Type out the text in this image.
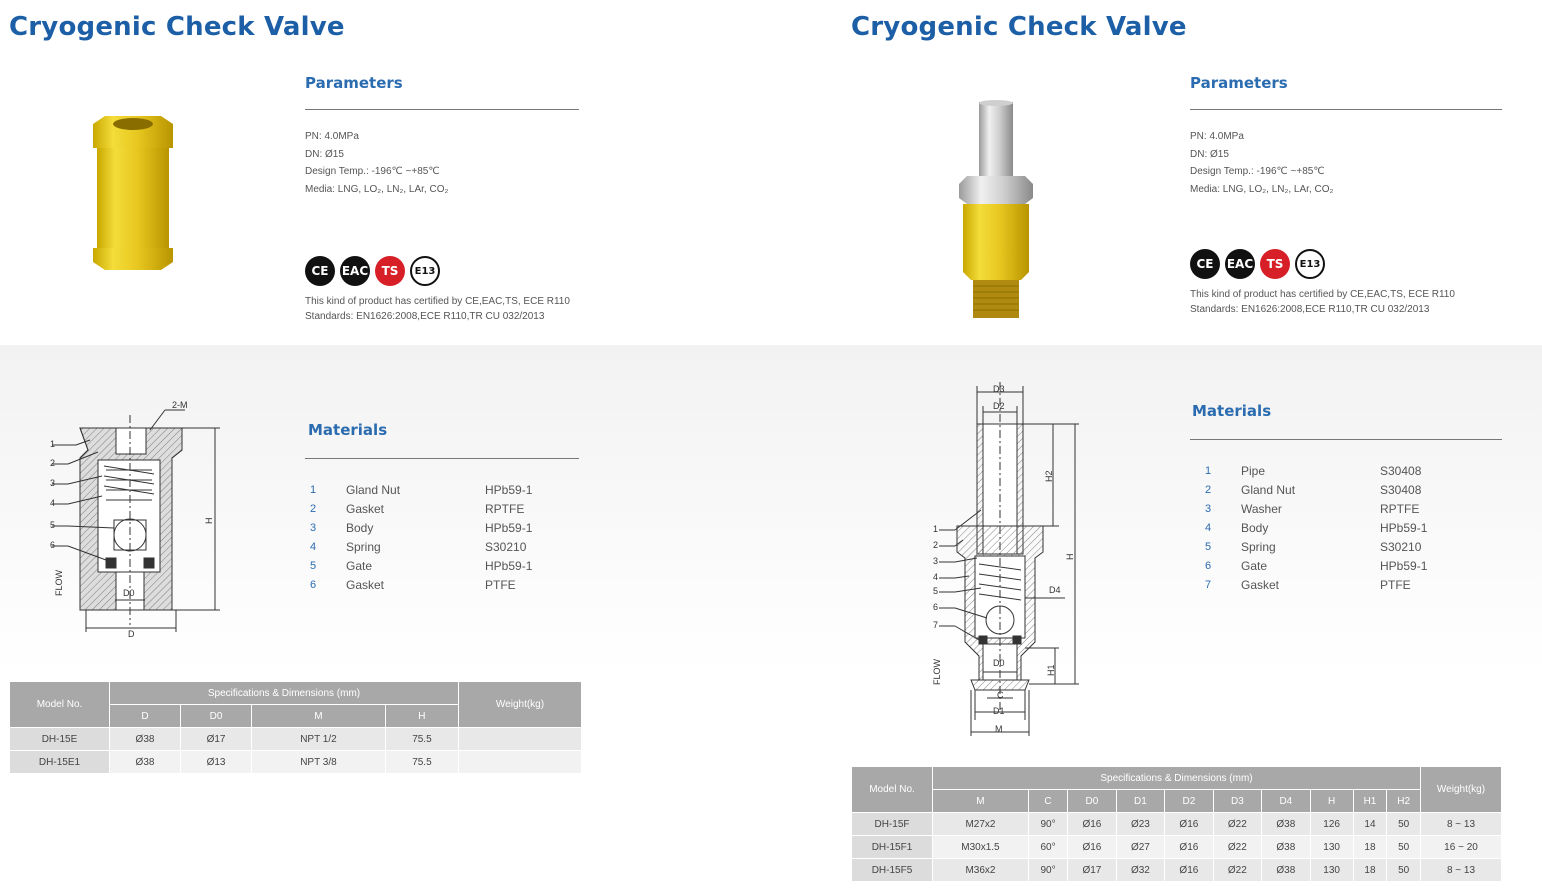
Cryogenic Check Valve
Parameters
PN: 4.0MPa
DN: Ø15
Design Temp.: -196℃ ~+85℃
Media: LNG, LO₂, LN₂, LAr, CO₂
CE	EAC	TS	E13
This kind of product has certified by CE,EAC,TS, ECE R110
Standards: EN1626:2008,ECE R110,TR CU 032/2013
1
2
3
4
5
6
2-M
D0
D
H
FLOW
Materials
1	Gland Nut	HPb59-1
2	Gasket	RPTFE
3	Body	HPb59-1
4	Spring	S30210
5	Gate	HPb59-1
6	Gasket	PTFE
Model No.	Specifications & Dimensions (mm)				Weight(kg)
	D	D0	M	H	
DH-15E	Ø38	Ø17	NPT 1/2	75.5	
DH-15E1	Ø38	Ø13	NPT 3/8	75.5	
Cryogenic Check Valve
Parameters
PN: 4.0MPa
DN: Ø15
Design Temp.: -196℃ ~+85℃
Media: LNG, LO₂, LN₂, LAr, CO₂
CE	EAC	TS	E13
This kind of product has certified by CE,EAC,TS, ECE R110
Standards: EN1626:2008,ECE R110,TR CU 032/2013
1
2
3
4
5
6
7
D3
D2
D4
D0
C
D1
M
H2
H
H1
FLOW
Materials
1	Pipe	S30408
2	Gland Nut	S30408
3	Washer	RPTFE
4	Body	HPb59-1
5	Spring	S30210
6	Gate	HPb59-1
7	Gasket	PTFE
Model No.	Specifications & Dimensions (mm)										Weight(kg)
	M	C	D0	D1	D2	D3	D4	H	H1	H2	
DH-15F	M27x2	90°	Ø16	Ø23	Ø16	Ø22	Ø38	126	14	50	8 ~ 13
DH-15F1	M30x1.5	60°	Ø16	Ø27	Ø16	Ø22	Ø38	130	18	50	16 ~ 20
DH-15F5	M36x2	90°	Ø17	Ø32	Ø16	Ø22	Ø38	130	18	50	8 ~ 13
